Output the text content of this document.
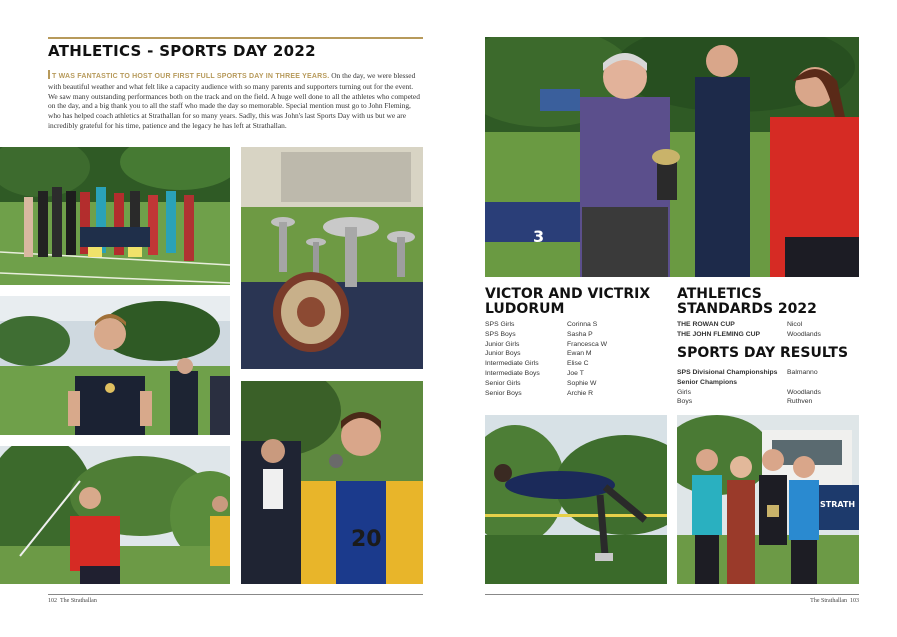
ATHLETICS - SPORTS DAY 2022
T WAS FANTASTIC TO HOST OUR FIRST FULL SPORTS DAY IN THREE YEARS. On the day, we were blessed with beautiful weather and what felt like a capacity audience with so many parents and supporters turning out for the event. We saw many outstanding performances both on the track and on the field. A huge well done to all the athletes who competed on the day, and a big thank you to all the staff who made the day so memorable. Special mention must go to John Fleming, who has helped coach athletics at Strathallan for so many years. Sadly, this was John's last Sports Day with us but we are incredibly grateful for his time, patience and the legacy he has left at Strathallan.
20
102 The Strathallan
3
VICTOR AND VICTRIX LUDORUM
SPS Girls	Corinna S
SPS Boys	Sasha P
Junior Girls	Francesca W
Junior Boys	Ewan M
Intermediate Girls	Elise C
Intermediate Boys	Joe T
Senior Girls	Sophie W
Senior Boys	Archie R
ATHLETICS STANDARDS 2022
THE ROWAN CUP	Nicol
THE JOHN FLEMING CUP	Woodlands
SPORTS DAY RESULTS
SPS Divisional Championships	Balmanno
Senior Champions
Girls	Woodlands
Boys	Ruthven
STRATH
The Strathallan 103
